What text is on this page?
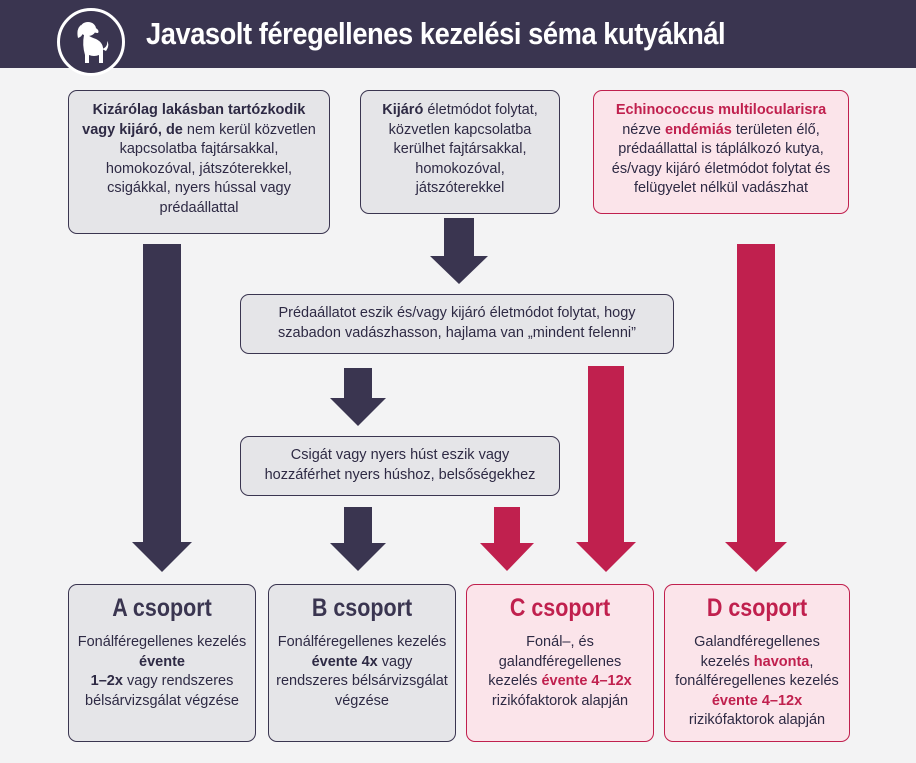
Javasolt féregellenes kezelési séma kutyáknál
Kizárólag lakásban tartózkodik vagy kijáró, de nem kerül közvetlen kapcsolatba fajtársakkal, homokozóval, játszóterekkel, csigákkal, nyers hússal vagy prédaállattal
Kijáró életmódot folytat, közvetlen kapcsolatba kerülhet fajtársakkal, homokozóval, játszóterekkel
Echinococcus multilocularisra nézve endémiás területen élő, prédaállattal is táplálkozó kutya, és/vagy kijáró életmódot folytat és felügyelet nélkül vadászhat
Prédaállatot eszik és/vagy kijáró életmódot folytat, hogy szabadon vadászhasson, hajlama van „mindent felenni”
Csigát vagy nyers húst eszik vagy hozzáférhet nyers húshoz, belsőségekhez
A csoport
Fonálféregellenes kezelés évente
1–2x vagy rendszeres bélsárvizsgálat végzése
B csoport
Fonálféregellenes kezelés évente 4x vagy rendszeres bélsárvizsgálat végzése
C csoport
Fonál–, és galandféregellenes kezelés évente 4–12x rizikófaktorok alapján
D csoport
Galandféregellenes kezelés havonta, fonálféregellenes kezelés évente 4–12x rizikófaktorok alapján
